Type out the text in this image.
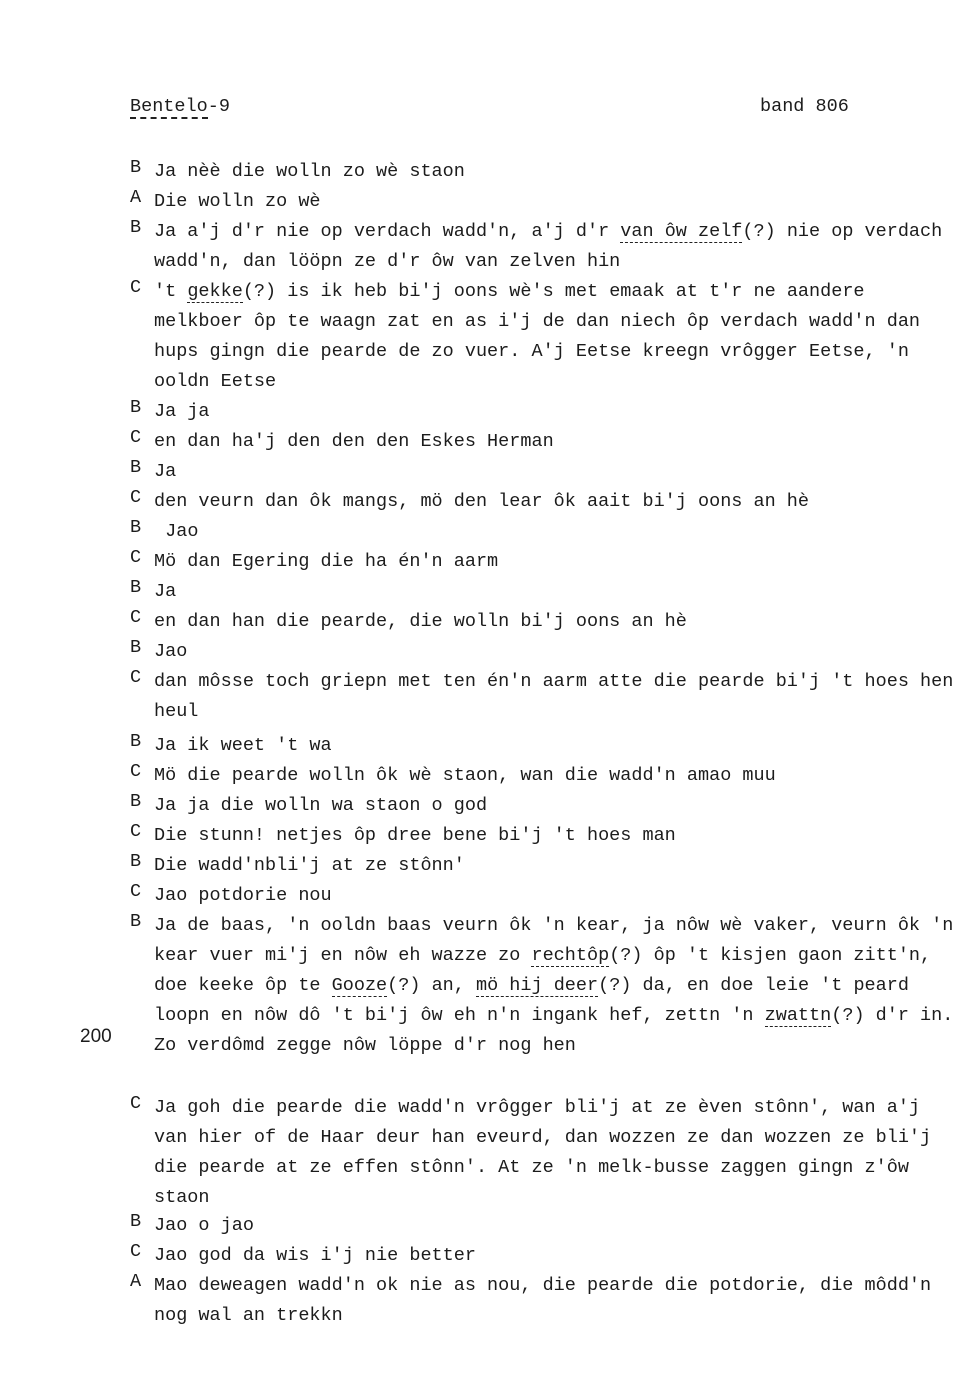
Bentelo-9	band 806
200
B Ja nèè die wolln zo wè staon
A Die wolln zo wè
B Ja a'j d'r nie op verdach wadd'n, a'j d'r van ôw zelf(?) nie op verdach wadd'n, dan lööpn ze d'r ôw van zelven hin
C 't gekke(?) is ik heb bi'j oons wè's met emaak at t'r ne aandere melkboer ôp te waagn zat en as i'j de dan niech ôp verdach wadd'n dan hups gingn die pearde de zo vuer. A'j Eetse kreegn vrôgger Eetse, 'n ooldn Eetse
B Ja ja
C en dan ha'j den den den Eskes Herman
B Ja
C den veurn dan ôk mangs, mö den lear ôk aait bi'j oons an hè
B Jao
C Mö dan Egering die ha én'n aarm
B Ja
C en dan han die pearde, die wolln bi'j oons an hè
B Jao
C dan môsse toch griepn met ten én'n aarm atte die pearde bi'j 't hoes hen heul
B Ja ik weet 't wa
C Mö die pearde wolln ôk wè staon, wan die wadd'n amao muu
B Ja ja die wolln wa staon o god
C Die stunn! netjes ôp dree bene bi'j 't hoes man
B Die wadd'nbli'j at ze stônn'
C Jao potdorie nou
B Ja de baas, 'n ooldn baas veurn ôk 'n kear, ja nôw wè vaker, veurn ôk 'n kear vuer mi'j en nôw eh wazze zo rechtôp(?) ôp 't kisjen gaon zitt'n, doe keeke ôp te Gooze(?) an, mö hij deer(?) da, en doe leie 't peard loopn en nôw dô 't bi'j ôw eh n'n ingank hef, zettn 'n zwattn(?) d'r in. Zo verdômd zegge nôw löppe d'r nog hen
C Ja goh die pearde die wadd'n vrôgger bli'j at ze èven stônn', wan a'j van hier of de Haar deur han eveurd, dan wozzen ze dan wozzen ze bli'j die pearde at ze effen stônn'. At ze 'n melk-busse zaggen gingn z'ôw staon
B Jao o jao
C Jao god da wis i'j nie better
A Mao deweagen wadd'n ok nie as nou, die pearde die potdorie, die môdd'n nog wal an trekkn
